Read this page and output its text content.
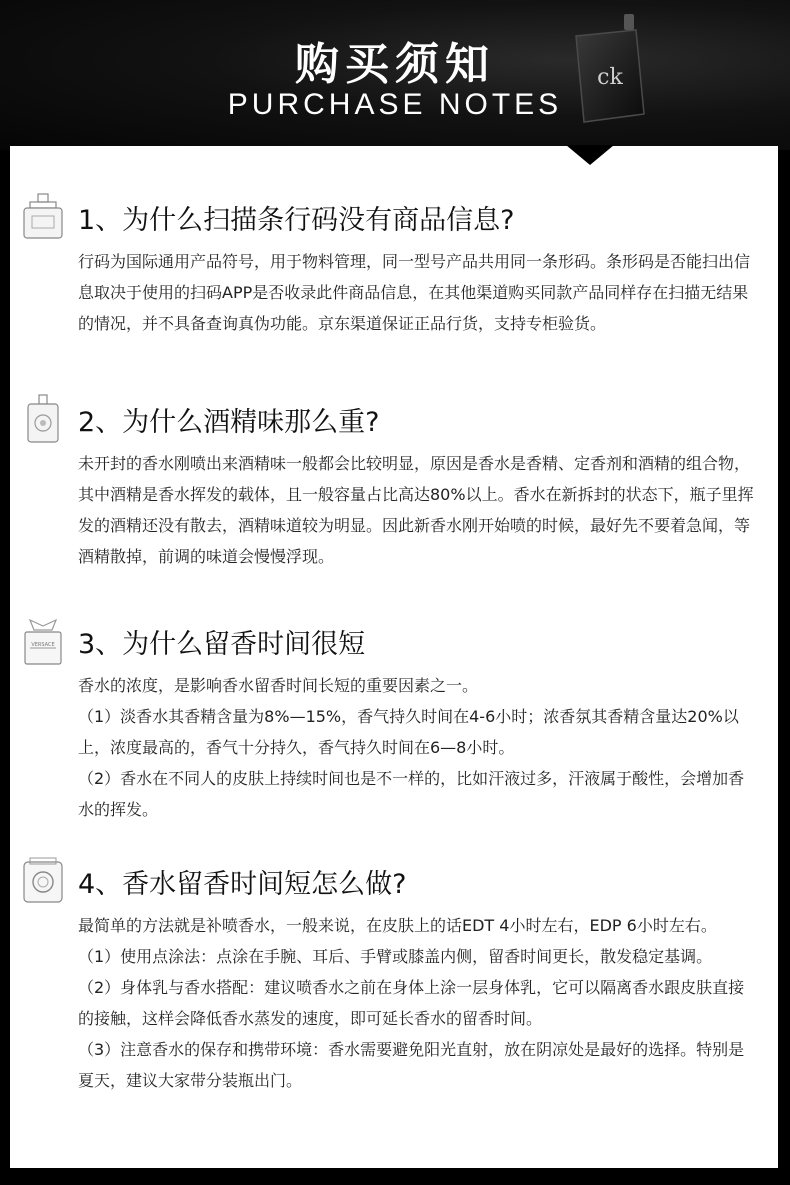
购买须知
PURCHASE NOTES
ck
1、为什么扫描条行码没有商品信息?

行码为国际通用产品符号，用于物料管理，同一型号产品共用同一条形码。条形码是否能扫出信息取决于使用的扫码APP是否收录此件商品信息，在其他渠道购买同款产品同样存在扫描无结果的情况，并不具备查询真伪功能。京东渠道保证正品行货，支持专柜验货。

2、为什么酒精味那么重?

未开封的香水刚喷出来酒精味一般都会比较明显，原因是香水是香精、定香剂和酒精的组合物，其中酒精是香水挥发的载体，且一般容量占比高达80%以上。香水在新拆封的状态下，瓶子里挥发的酒精还没有散去，酒精味道较为明显。因此新香水刚开始喷的时候，最好先不要着急闻，等酒精散掉，前调的味道会慢慢浮现。

VERSACE 3、为什么留香时间很短

香水的浓度，是影响香水留香时间长短的重要因素之一。

（1）淡香水其香精含量为8%—15%，香气持久时间在4-6小时；浓香氛其香精含量达20%以上，浓度最高的，香气十分持久，香气持久时间在6—8小时。

（2）香水在不同人的皮肤上持续时间也是不一样的，比如汗液过多，汗液属于酸性，会增加香水的挥发。

4、香水留香时间短怎么做?

最简单的方法就是补喷香水，一般来说，在皮肤上的话EDT 4小时左右，EDP 6小时左右。

（1）使用点涂法：点涂在手腕、耳后、手臂或膝盖内侧，留香时间更长，散发稳定基调。

（2）身体乳与香水搭配：建议喷香水之前在身体上涂一层身体乳，它可以隔离香水跟皮肤直接的接触，这样会降低香水蒸发的速度，即可延长香水的留香时间。

（3）注意香水的保存和携带环境：香水需要避免阳光直射，放在阴凉处是最好的选择。特别是夏天，建议大家带分装瓶出门。
